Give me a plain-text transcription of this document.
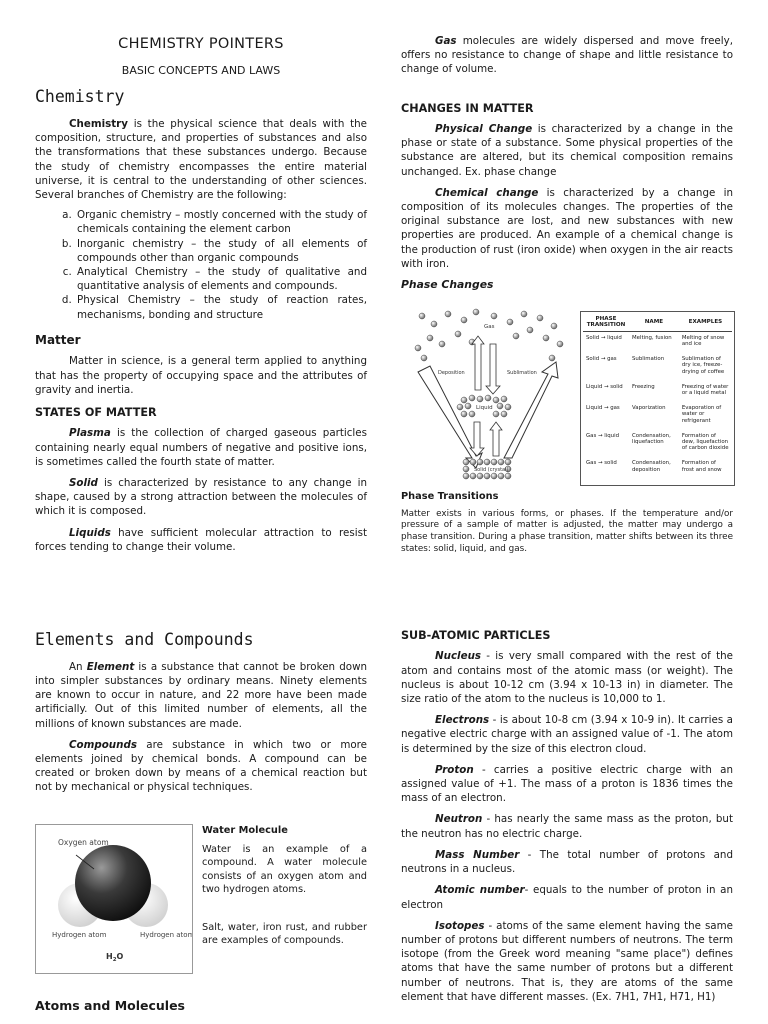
CHEMISTRY POINTERS
BASIC CONCEPTS AND LAWS
Chemistry

Chemistry is the physical science that deals with the composition, structure, and properties of substances and also the transformations that these substances undergo. Because the study of chemistry encompasses the entire material universe, it is central to the understanding of other sciences. Several branches of Chemistry are the following:

a. Organic chemistry – mostly concerned with the study of chemicals containing the element carbon
b. Inorganic chemistry – the study of all elements of compounds other than organic compounds
c. Analytical Chemistry – the study of qualitative and quantitative analysis of elements and compounds.
d. Physical Chemistry – the study of reaction rates, mechanisms, bonding and structure
Matter

Matter in science, is a general term applied to anything that has the property of occupying space and the attributes of gravity and inertia.

STATES OF MATTER

Plasma is the collection of charged gaseous particles containing nearly equal numbers of negative and positive ions, is sometimes called the fourth state of matter.

Solid is characterized by resistance to any change in shape, caused by a strong attraction between the molecules of which it is composed.

Liquids have sufficient molecular attraction to resist forces tending to change their volume.

Gas molecules are widely dispersed and move freely, offers no resistance to change of shape and little resistance to change of volume.

CHANGES IN MATTER

Physical Change is characterized by a change in the phase or state of a substance. Some physical properties of the substance are altered, but its chemical composition remains unchanged. Ex. phase change

Chemical change is characterized by a change in composition of its molecules changes. The properties of the original substance are lost, and new substances with new properties are produced. An example of a chemical change is the production of rust (iron oxide) when oxygen in the air reacts with iron.

Phase Changes
Gas
Deposition	Sublimation
Liquid
Solid (crystal)
PHASE TRANSITION	NAME	EXAMPLES
Solid → liquid	Melting, fusion	Melting of snow and ice
Solid → gas	Sublimation	Sublimation of dry ice, freeze-drying of coffee
Liquid → solid	Freezing	Freezing of water or a liquid metal
Liquid → gas	Vaporization	Evaporation of water or refrigerant
Gas → liquid	Condensation, liquefaction	Formation of dew, liquefaction of carbon dioxide
Gas → solid	Condensation, deposition	Formation of frost and snow
Phase Transitions

Matter exists in various forms, or phases. If the temperature and/or pressure of a sample of matter is adjusted, the matter may undergo a phase transition. During a phase transition, matter shifts between its three states: solid, liquid, and gas.

Elements and Compounds

An Element is a substance that cannot be broken down into simpler substances by ordinary means. Ninety elements are known to occur in nature, and 22 more have been made artificially. Out of this limited number of elements, all the millions of known substances are made.

Compounds are substance in which two or more elements joined by chemical bonds. A compound can be created or broken down by means of a chemical reaction but not by mechanical or physical techniques.

Oxygen atom
Hydrogen atom	Hydrogen atom
$H_2O$
Water Molecule

Water is an example of a compound. A water molecule consists of an oxygen atom and two hydrogen atoms.

Salt, water, iron rust, and rubber are examples of compounds.

Atoms and Molecules
SUB-ATOMIC PARTICLES

Nucleus - is very small compared with the rest of the atom and contains most of the atomic mass (or weight). The nucleus is about 10-12 cm (3.94 x 10-13 in) in diameter. The size ratio of the atom to the nucleus is 10,000 to 1.

Electrons - is about 10-8 cm (3.94 x 10-9 in). It carries a negative electric charge with an assigned value of -1. The atom is determined by the size of this electron cloud.

Proton - carries a positive electric charge with an assigned value of +1. The mass of a proton is 1836 times the mass of an electron.

Neutron - has nearly the same mass as the proton, but the neutron has no electric charge.

Mass Number - The total number of protons and neutrons in a nucleus.

Atomic number- equals to the number of proton in an electron

Isotopes - atoms of the same element having the same number of protons but different numbers of neutrons. The term isotope (from the Greek word meaning "same place") defines atoms that have the same number of protons but a different number of neutrons. That is, they are atoms of the same element that have different masses. (Ex. 7H1, 7H1, H71, H1)
